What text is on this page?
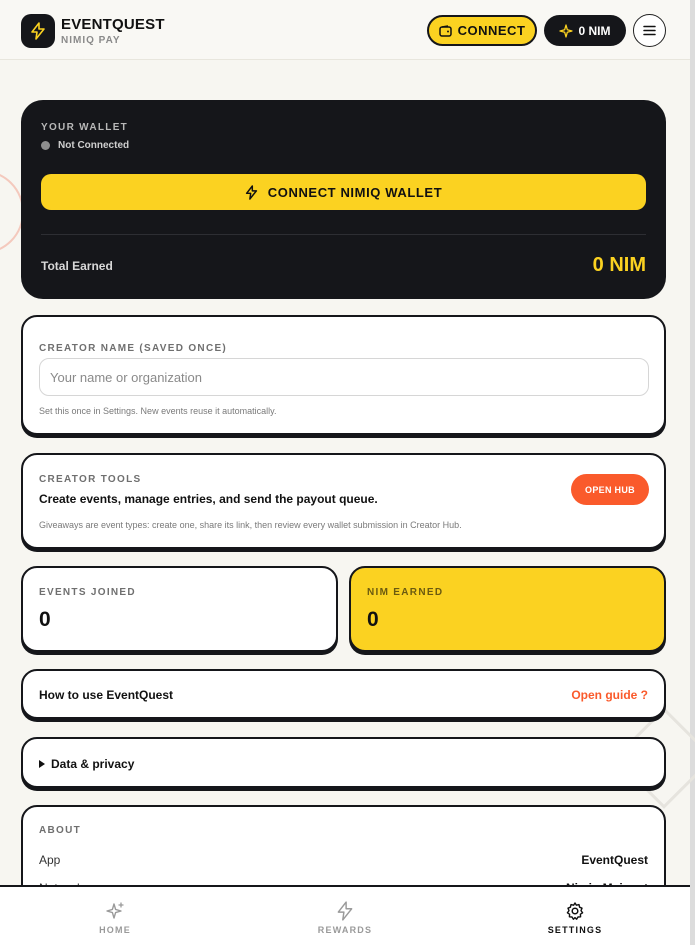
EVENTQUEST
NIMIQ PAY
CONNECT	0 NIM
YOUR WALLET
Not Connected
CONNECT NIMIQ WALLET
Total Earned	0 NIM
CREATOR NAME (SAVED ONCE)
Your name or organization
Set this once in Settings. New events reuse it automatically.
CREATOR TOOLS
Create events, manage entries, and send the payout queue.
Giveaways are event types: create one, share its link, then review every wallet submission in Creator Hub.
OPEN HUB
EVENTS JOINED
0
NIM EARNED
0
How to use EventQuest	Open guide ?
Data & privacy
ABOUT
App	EventQuest
HOME	REWARDS	SETTINGS
